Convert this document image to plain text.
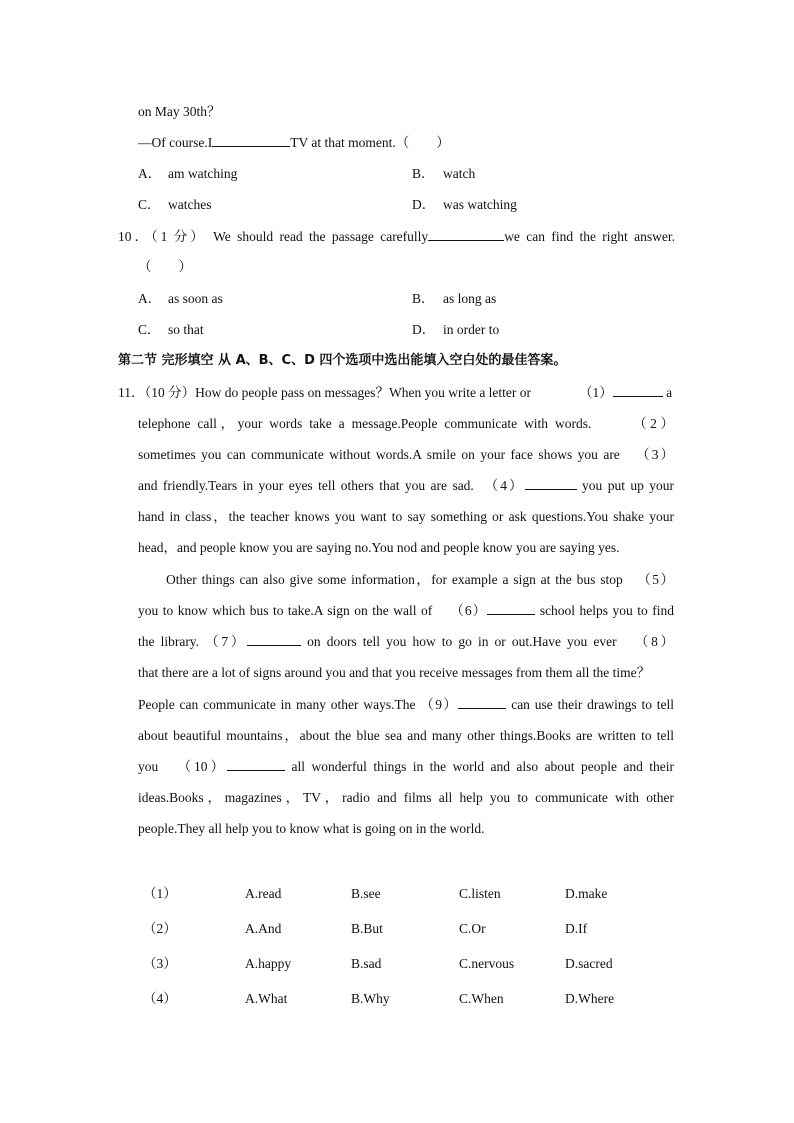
on May 30th？
—Of course.I	TV at that moment.（　　）
A． am watching	B． watch
C． watches	D． was watching
10．（1 分） We should read the passage carefully	we can find the right answer.
（　　）
A． as soon as	B． as long as
C． so that	D． in order to
第二节 完形填空 从 A、B、C、D 四个选项中选出能填入空白处的最佳答案。
11．（10 分）How do people pass on messages？When you write a letter or	（1）	a
telephone call，your words take a message.People communicate with words.	（2）
sometimes you can communicate without words.A smile on your face shows you are （3）
and friendly.Tears in your eyes tell others that you are sad. （4）	you put up your
hand in class，the teacher knows you want to say something or ask questions.You shake your
head，and people know you are saying no.You nod and people know you are saying yes.
Other things can also give some information，for example a sign at the bus stop （5）
you to know which bus to take.A sign on the wall of （6）	school helps you to find
the library. （7）	on doors tell you how to go in or out.Have you ever （8）
that there are a lot of signs around you and that you receive messages from them all the time？
People can communicate in many other ways.The （9）	can use their drawings to tell
about beautiful mountains，about the blue sea and many other things.Books are written to tell
you （10）	all wonderful things in the world and also about people and their
ideas.Books，magazines，TV，radio and films all help you to communicate with other
people.They all help you to know what is going on in the world.
（1）	A.read	B.see	C.listen	D.make
（2）	A.And	B.But	C.Or	D.If
（3）	A.happy	B.sad	C.nervous	D.sacred
（4）	A.What	B.Why	C.When	D.Where
